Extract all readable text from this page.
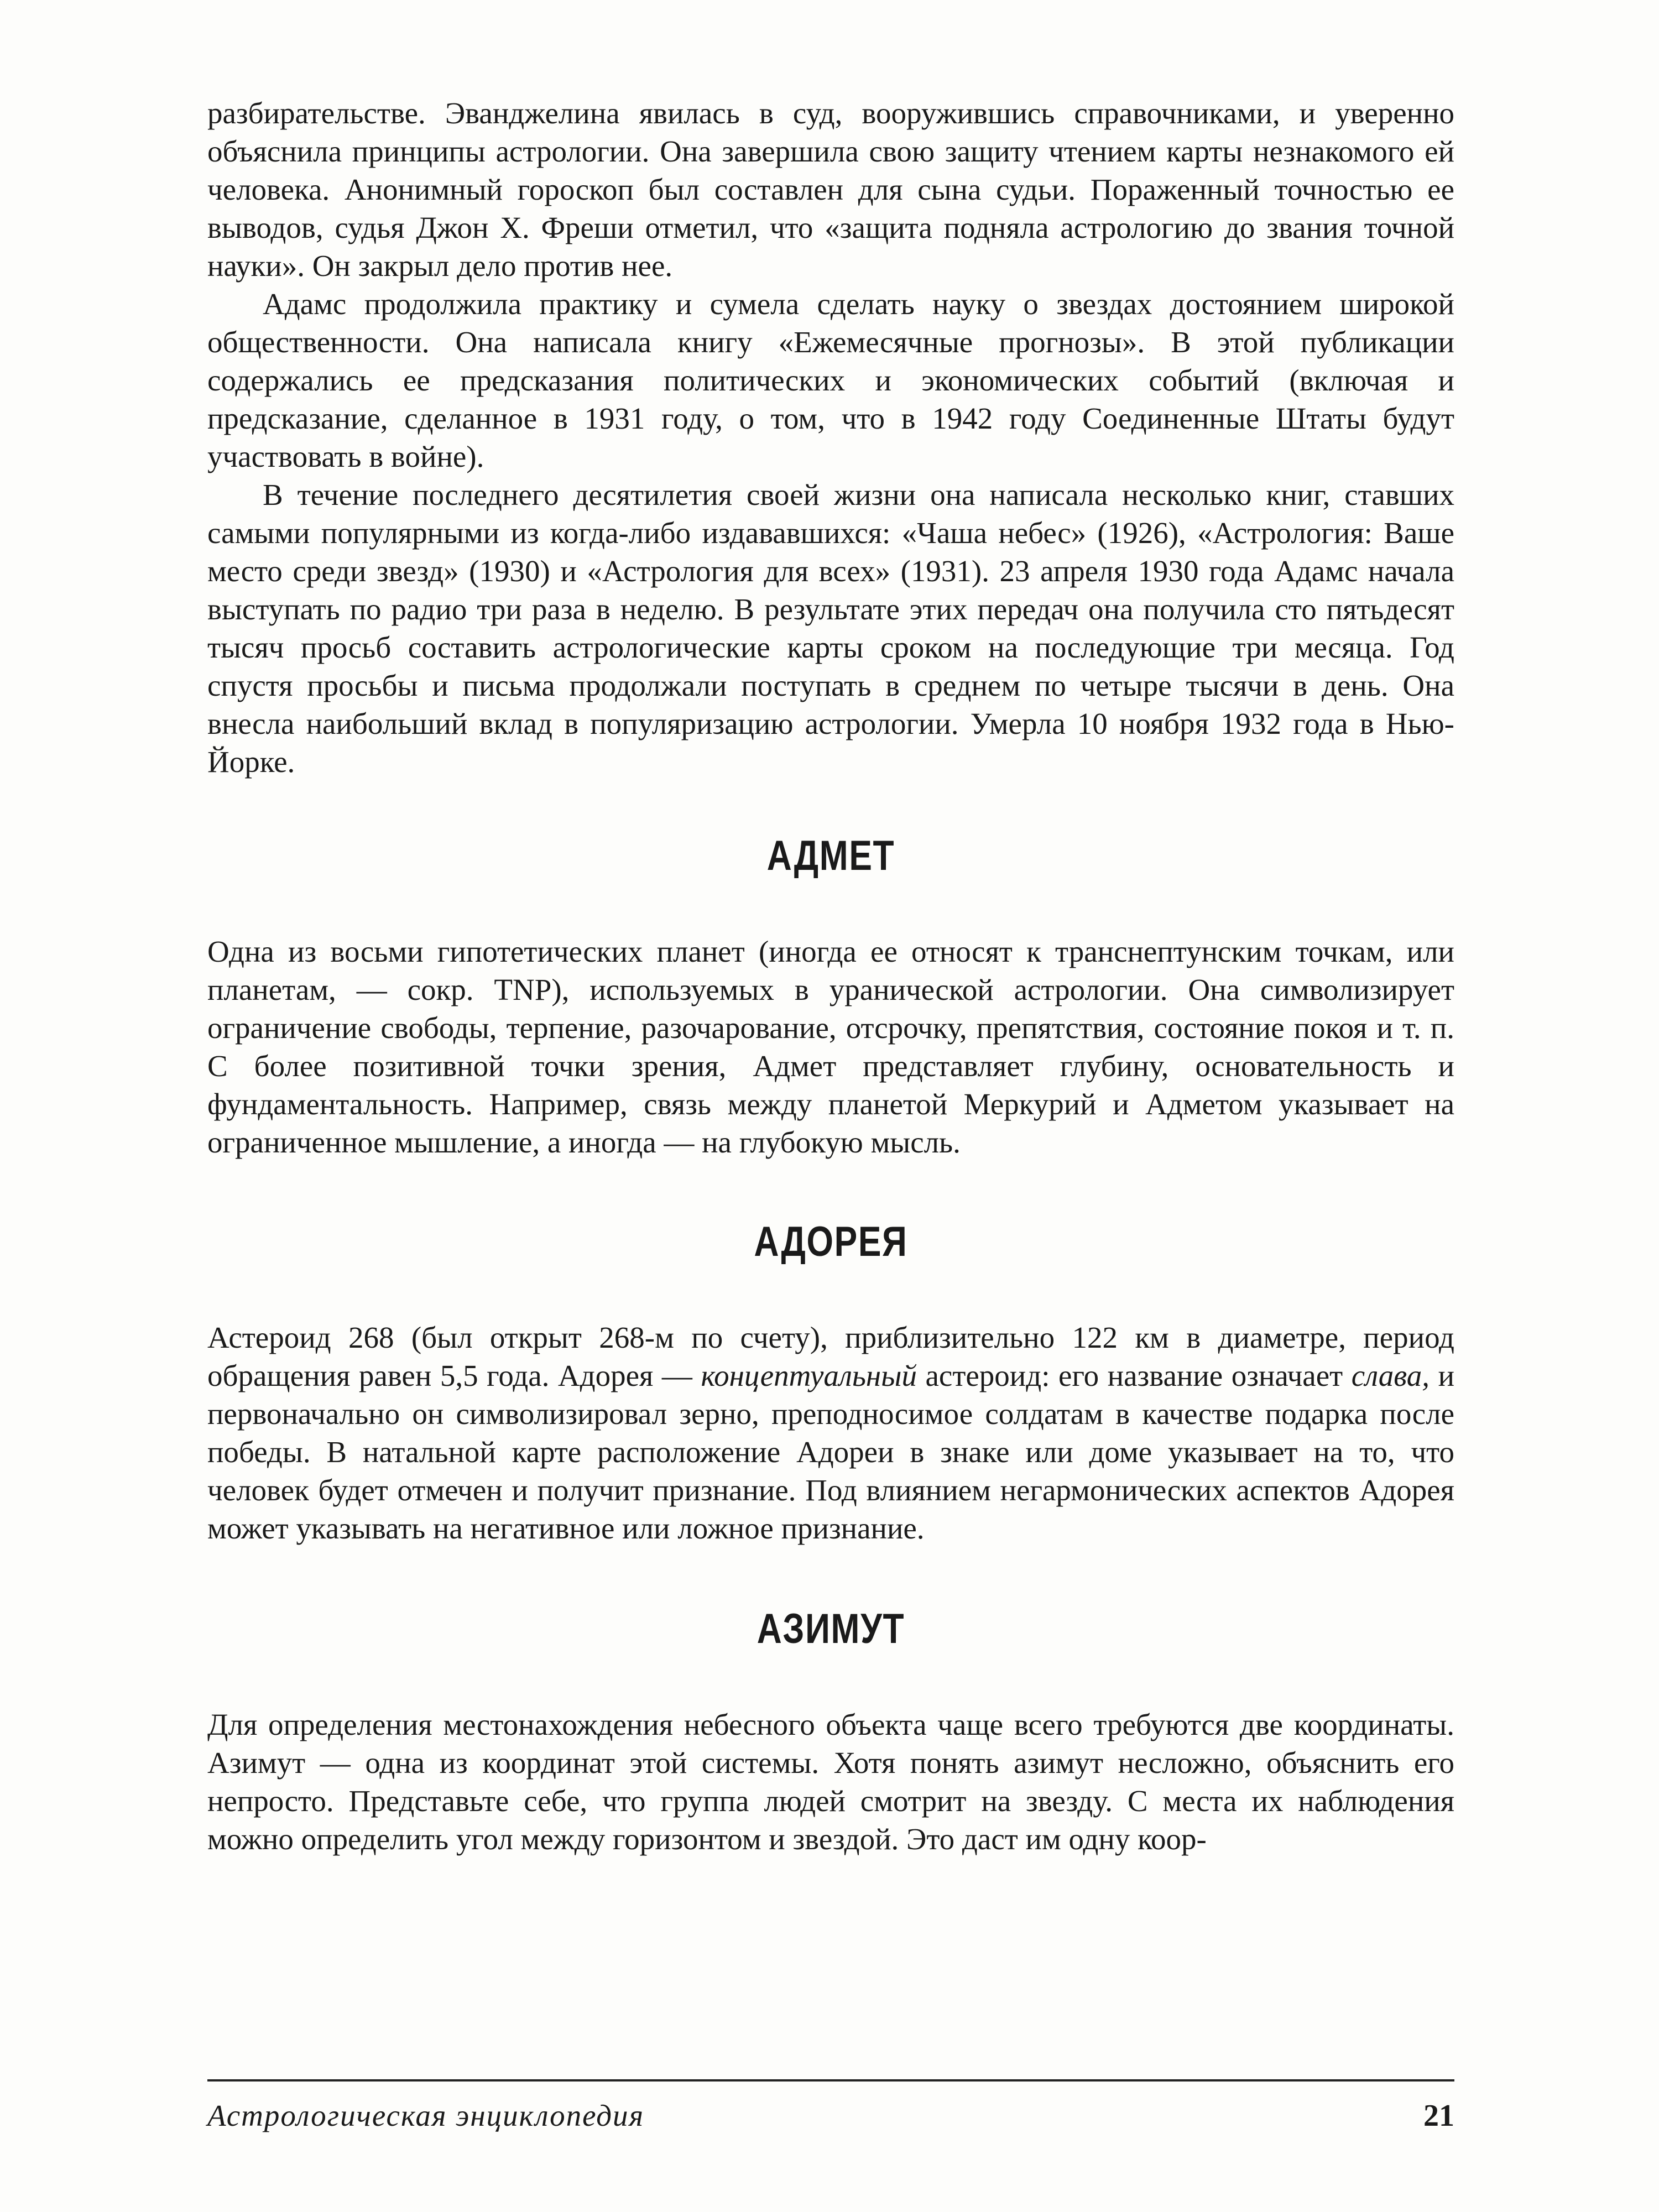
разбирательстве. Эванджелина явилась в суд, вооружившись справочниками, и уверенно объяснила принципы астрологии. Она завершила свою защиту чтением карты незнакомого ей человека. Анонимный гороскоп был составлен для сына судьи. Пораженный точностью ее выводов, судья Джон Х. Фреши отметил, что «защита подняла астрологию до звания точной науки». Он закрыл дело против нее.

Адамс продолжила практику и сумела сделать науку о звездах достоянием широкой общественности. Она написала книгу «Ежемесячные прогнозы». В этой публикации содержались ее предсказания политических и экономических событий (включая и предсказание, сделанное в 1931 году, о том, что в 1942 году Соединенные Штаты будут участвовать в войне).

В течение последнего десятилетия своей жизни она написала несколько книг, ставших самыми популярными из когда-либо издававшихся: «Чаша небес» (1926), «Астрология: Ваше место среди звезд» (1930) и «Астрология для всех» (1931). 23 апреля 1930 года Адамс начала выступать по радио три раза в неделю. В результате этих передач она получила сто пятьдесят тысяч просьб составить астрологические карты сроком на последующие три месяца. Год спустя просьбы и письма продолжали поступать в среднем по четыре тысячи в день. Она внесла наибольший вклад в популяризацию астрологии. Умерла 10 ноября 1932 года в Нью-Йорке.

АДМЕТ

Одна из восьми гипотетических планет (иногда ее относят к транснептунским точкам, или планетам, — сокр. TNP), используемых в уранической астрологии. Она символизирует ограничение свободы, терпение, разочарование, отсрочку, препятствия, состояние покоя и т. п. С более позитивной точки зрения, Адмет представляет глубину, основательность и фундаментальность. Например, связь между планетой Меркурий и Адметом указывает на ограниченное мышление, а иногда — на глубокую мысль.

АДОРЕЯ

Астероид 268 (был открыт 268-м по счету), приблизительно 122 км в диаметре, период обращения равен 5,5 года. Адорея — концептуальный астероид: его название означает слава, и первоначально он символизировал зерно, преподносимое солдатам в качестве подарка после победы. В натальной карте расположение Адореи в знаке или доме указывает на то, что человек будет отмечен и получит признание. Под влиянием негармонических аспектов Адорея может указывать на негативное или ложное признание.

АЗИМУТ

Для определения местонахождения небесного объекта чаще всего требуются две координаты. Азимут — одна из координат этой системы. Хотя понять азимут несложно, объяснить его непросто. Представьте себе, что группа людей смотрит на звезду. С места их наблюдения можно определить угол между горизонтом и звездой. Это даст им одну коор-

Астрологическая энциклопедия	21
